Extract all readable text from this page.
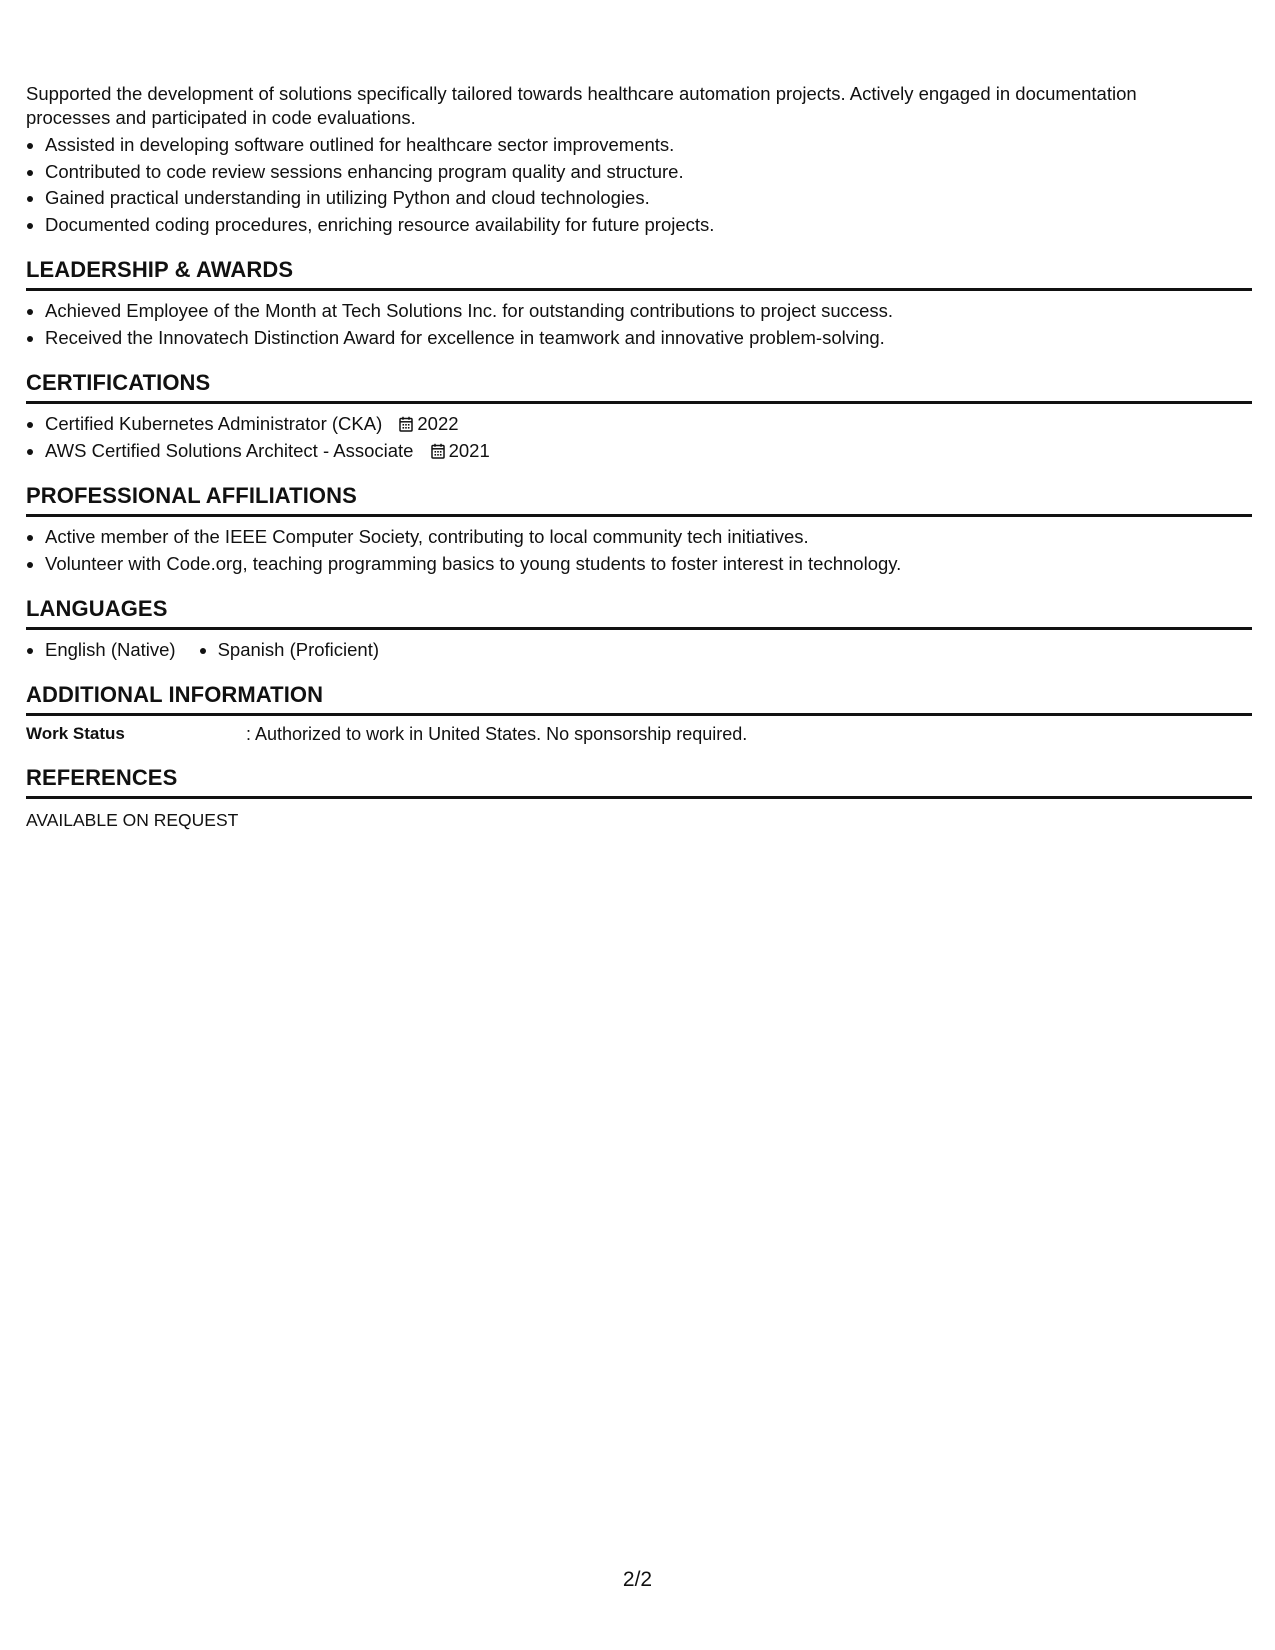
Supported the development of solutions specifically tailored towards healthcare automation projects. Actively engaged in documentation processes and participated in code evaluations.

• Assisted in developing software outlined for healthcare sector improvements.
• Contributed to code review sessions enhancing program quality and structure.
• Gained practical understanding in utilizing Python and cloud technologies.
• Documented coding procedures, enriching resource availability for future projects.
LEADERSHIP & AWARDS
• Achieved Employee of the Month at Tech Solutions Inc. for outstanding contributions to project success.
• Received the Innovatech Distinction Award for excellence in teamwork and innovative problem-solving.
CERTIFICATIONS
• Certified Kubernetes Administrator (CKA) 2022
• AWS Certified Solutions Architect - Associate 2021
PROFESSIONAL AFFILIATIONS
• Active member of the IEEE Computer Society, contributing to local community tech initiatives.
• Volunteer with Code.org, teaching programming basics to young students to foster interest in technology.
LANGUAGES
• English (Native)
• Spanish (Proficient)
ADDITIONAL INFORMATION
Work Status	: Authorized to work in United States. No sponsorship required.
REFERENCES
AVAILABLE ON REQUEST
2/2
